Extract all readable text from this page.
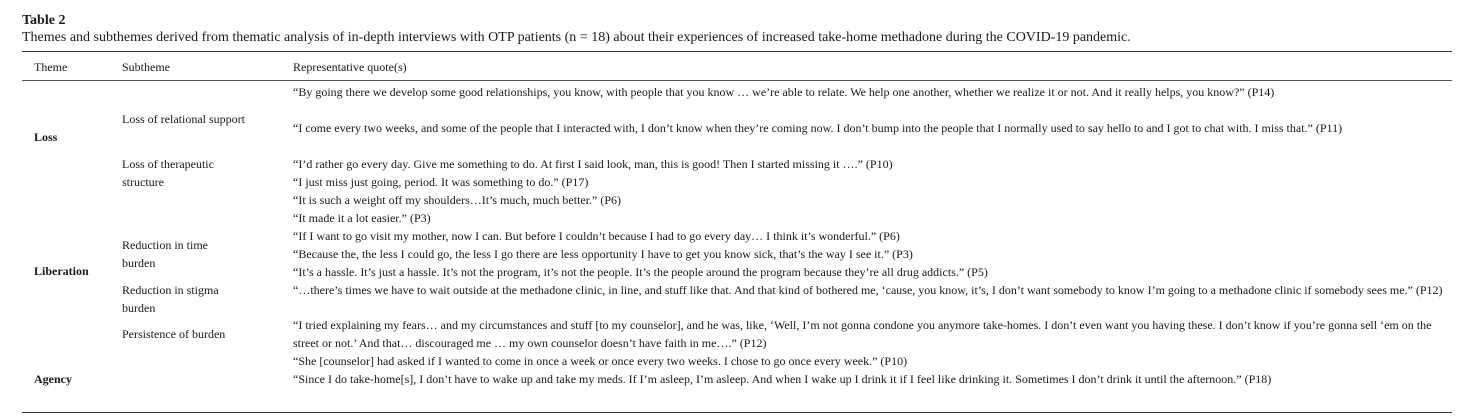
Table 2
Themes and subthemes derived from thematic analysis of in-depth interviews with OTP patients (n = 18) about their experiences of increased take-home methadone during the COVID-19 pandemic.
Theme	Subtheme	Representative quote(s)
Loss
Liberation
Agency
Loss of relational support
Loss of therapeutic
structure
Reduction in time
burden
Reduction in stigma
burden
Persistence of burden
“By going there we develop some good relationships, you know, with people that you know … we’re able to relate. We help one another, whether we realize it or not. And it really helps, you know?” (P14)
“I come every two weeks, and some of the people that I interacted with, I don’t know when they’re coming now. I don’t bump into the people that I normally used to say hello to and I got to chat with. I miss that.” (P11)
“I’d rather go every day. Give me something to do. At first I said look, man, this is good! Then I started missing it ….” (P10)
“I just miss just going, period. It was something to do.” (P17)
“It is such a weight off my shoulders…It’s much, much better.” (P6)
“It made it a lot easier.” (P3)
“If I want to go visit my mother, now I can. But before I couldn’t because I had to go every day… I think it’s wonderful.” (P6)
“Because the, the less I could go, the less I go there are less opportunity I have to get you know sick, that’s the way I see it.” (P3)
“It’s a hassle. It’s just a hassle. It’s not the program, it’s not the people. It’s the people around the program because they’re all drug addicts.” (P5)
“…there’s times we have to wait outside at the methadone clinic, in line, and stuff like that. And that kind of bothered me, ‘cause, you know, it’s, I don’t want somebody to know I’m going to a methadone clinic if somebody sees me.” (P12)
“I tried explaining my fears… and my circumstances and stuff [to my counselor], and he was, like, ‘Well, I’m not gonna condone you anymore take-homes. I don’t even want you having these. I don’t know if you’re gonna sell ‘em on the street or not.’ And that… discouraged me … my own counselor doesn’t have faith in me….” (P12)
“She [counselor] had asked if I wanted to come in once a week or once every two weeks. I chose to go once every week.” (P10)
“Since I do take-home[s], I don’t have to wake up and take my meds. If I’m asleep, I’m asleep. And when I wake up I drink it if I feel like drinking it. Sometimes I don’t drink it until the afternoon.” (P18)
